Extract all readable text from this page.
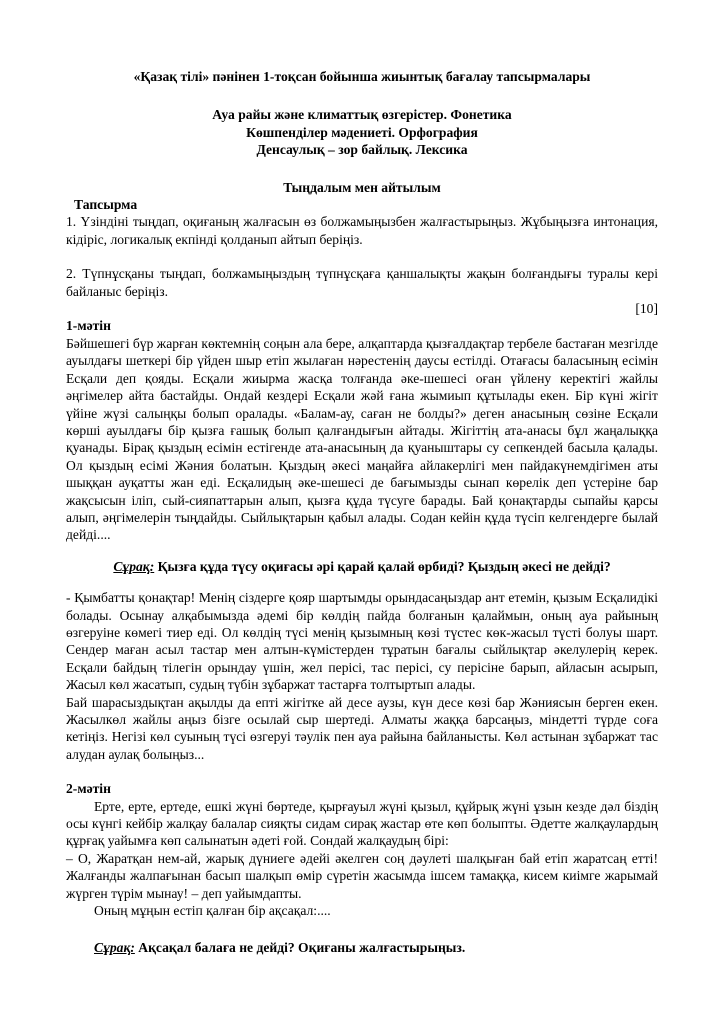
«Қазақ тілі» пәнінен 1-тоқсан бойынша жиынтық бағалау тапсырмалары
Ауа райы және климаттық өзгерістер. Фонетика
Көшпенділер мәдениеті. Орфография
Денсаулық – зор байлық. Лексика
Тыңдалым мен айтылым
Тапсырма

1. Үзіндіні тыңдап, оқиғаның жалғасын өз болжамыңызбен жалғастырыңыз. Жұбыңызға интонация, кідіріс, логикалық екпінді қолданып айтып беріңіз.

2. Түпнұсқаны тыңдап, болжамыңыздың түпнұсқаға қаншалықты жақын болғандығы туралы кері байланыс беріңіз.

[10]
1-мәтін

Бәйшешегі бүр жарған көктемнің соңын ала бере, алқаптарда қызғалдақтар тербеле бастаған мезгілде ауылдағы шеткері бір үйден шыр етіп жылаған нәрестенің даусы естілді. Отағасы баласының есімін Есқали деп қояды. Есқали жиырма жасқа толғанда әке-шешесі оған үйлену керектігі жайлы әңгімелер айта бастайды. Ондай кездері Есқали жәй ғана жымиып құтылады екен. Бір күні жігіт үйіне жүзі салыңқы болып оралады. «Балам-ау, саған не болды?» деген анасының сөзіне Есқали көрші ауылдағы бір қызға ғашық болып қалғандығын айтады. Жігіттің ата-анасы бұл жаңалыққа қуанады. Бірақ қыздың есімін естігенде ата-анасының да қуаныштары су сепкендей басыла қалады. Ол қыздың есімі Жәния болатын. Қыздың әкесі маңайға айлакерлігі мен пайдакүнемдігімен аты шыққан ауқатты жан еді. Есқалидың әке-шешесі де бағымызды сынап көрелік деп үстеріне бар жақсысын іліп, сый-сияпаттарын алып, қызға құда түсуге барады. Бай қонақтарды сыпайы қарсы алып, әңгімелерін тыңдайды. Сыйлықтарын қабыл алады. Содан кейін құда түсіп келгендерге былай дейді....

Сұрақ: Қызға құда түсу оқиғасы әрі қарай қалай өрбиді? Қыздың әкесі не дейді?

- Қымбатты қонақтар! Менің сіздерге қояр шартымды орындасаңыздар ант етемін, қызым Есқалидікі болады. Осынау алқабымызда әдемі бір көлдің пайда болғанын қалаймын, оның ауа райының өзгеруіне көмегі тиер еді. Ол көлдің түсі менің қызымның көзі түстес көк-жасыл түсті болуы шарт. Сендер маған асыл тастар мен алтын-күмістерден тұратын бағалы сыйлықтар әкелулерің керек. Есқали байдың тілегін орындау үшін, жел перісі, тас перісі, су перісіне барып, айласын асырып, Жасыл көл жасатып, судың түбін зұбаржат тастарға толтыртып алады.

Бай шарасыздықтан ақылды да епті жігітке ай десе аузы, күн десе көзі бар Жәниясын берген екен. Жасылкөл жайлы аңыз бізге осылай сыр шертеді. Алматы жаққа барсаңыз, міндетті түрде соға кетіңіз. Негізі көл суының түсі өзгеруі тәулік пен ауа райына байланысты. Көл астынан зұбаржат тас алудан аулақ болыңыз...

2-мәтін

Ерте, ерте, ертеде, ешкі жүні бөртеде, қырғауыл жүні қызыл, құйрық жүні ұзын кезде дәл біздің осы күнгі кейбір жалқау балалар сияқты сидам сирақ жастар өте көп болыпты. Әдетте жалқаулардың құрғақ уайымға көп салынатын әдеті ғой. Сондай жалқаудың бірі:

– О, Жаратқан нем-ай, жарық дүниеге әдейі әкелген соң дәулеті шалқыған бай етіп жаратсаң етті! Жалғанды жалпағынан басып шалқып өмір сүретін жасымда ішсем тамаққа, кисем киімге жарымай жүрген түрім мынау! – деп уайымдапты.

Оның мұңын естіп қалған бір ақсақал:....

Сұрақ: Ақсақал балаға не дейді? Оқиғаны жалғастырыңыз.
